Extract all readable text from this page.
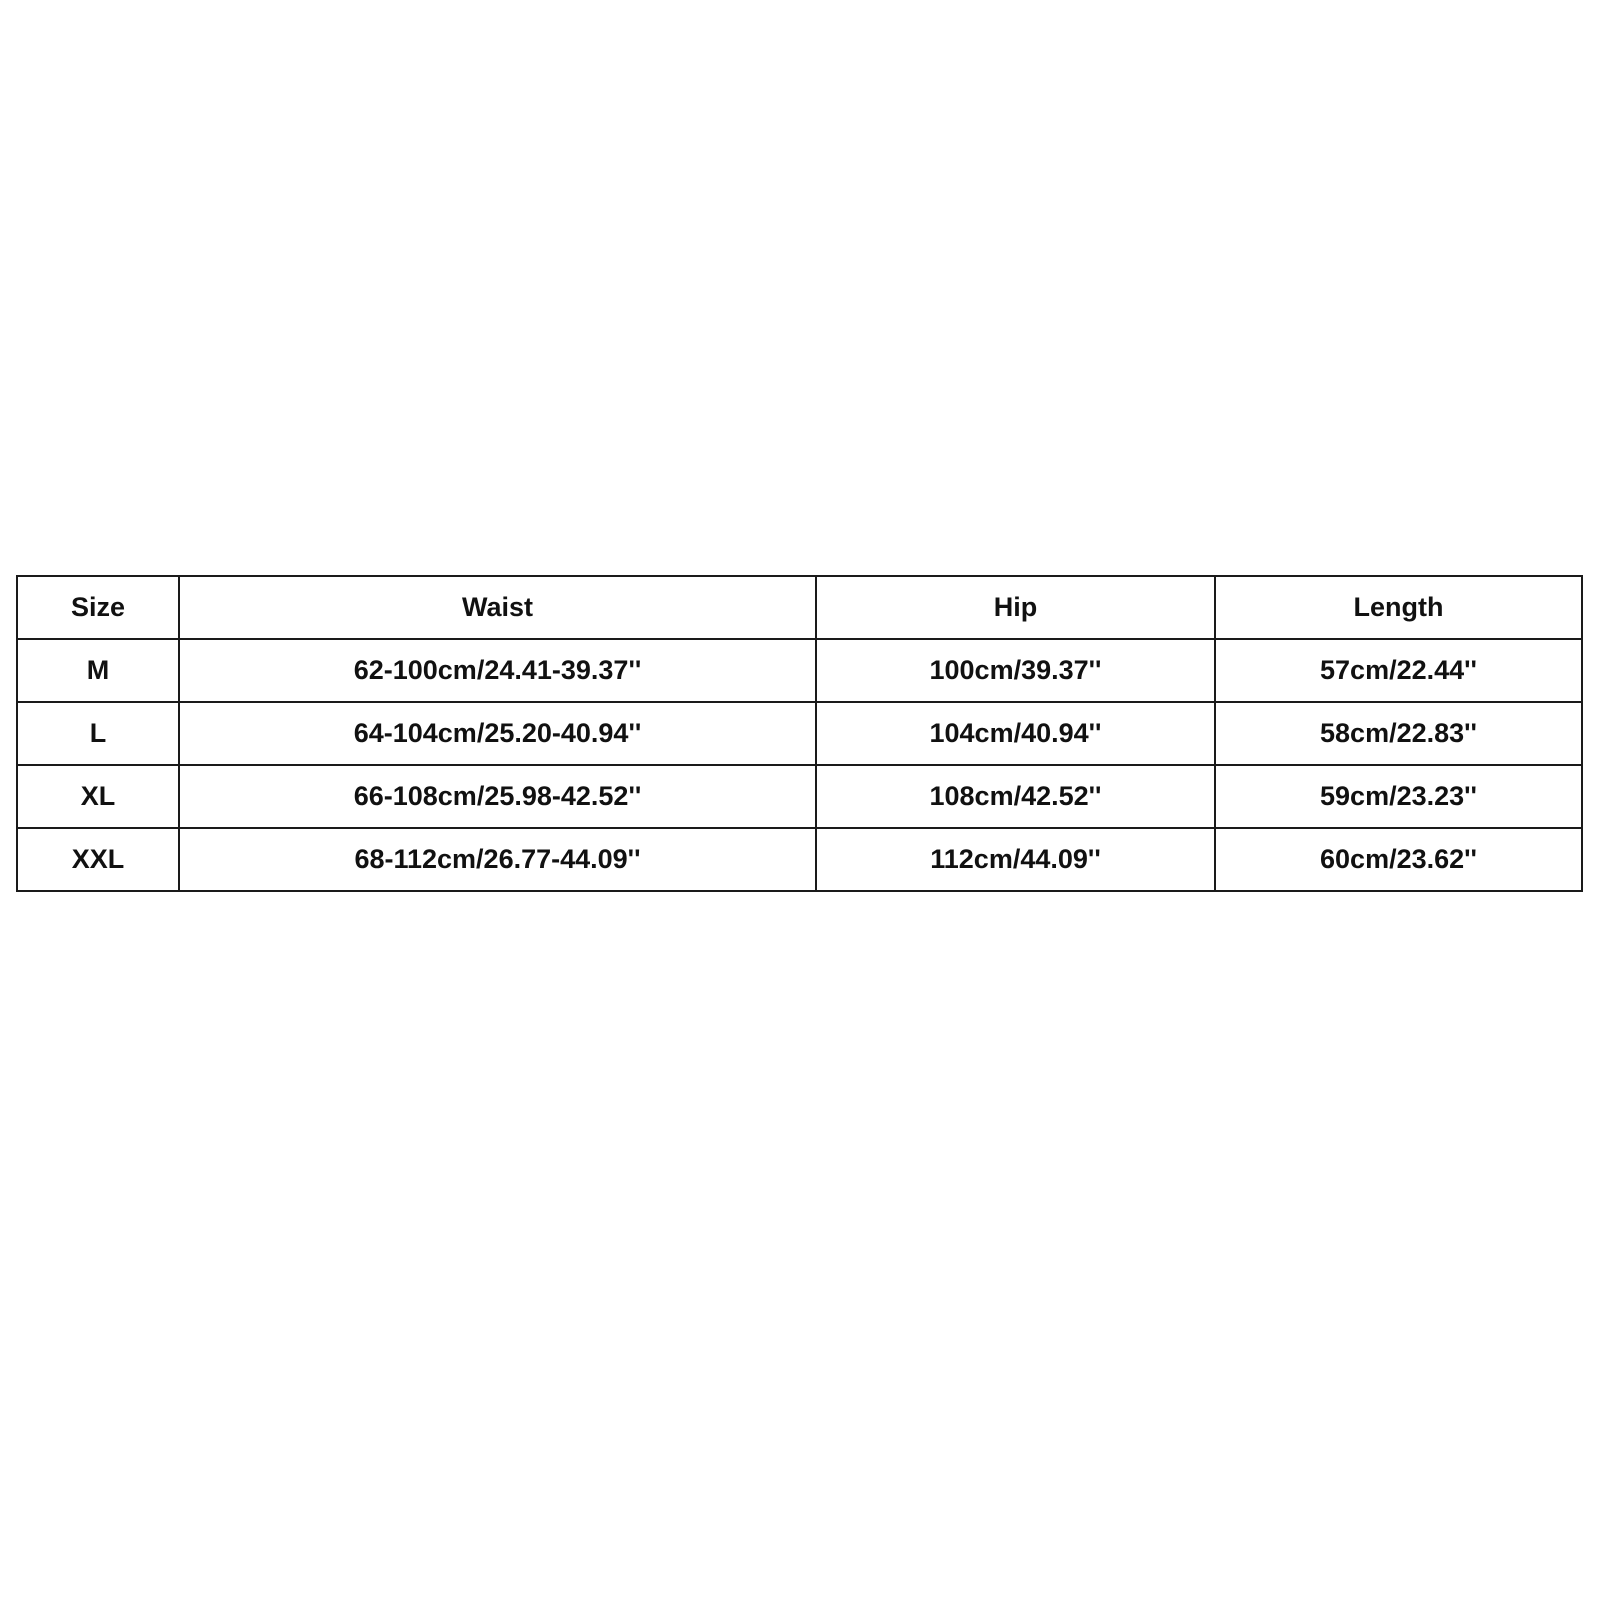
Size	Waist	Hip	Length
M	62-100cm/24.41-39.37''	100cm/39.37''	57cm/22.44''
L	64-104cm/25.20-40.94''	104cm/40.94''	58cm/22.83''
XL	66-108cm/25.98-42.52''	108cm/42.52''	59cm/23.23''
XXL	68-112cm/26.77-44.09''	112cm/44.09''	60cm/23.62''
